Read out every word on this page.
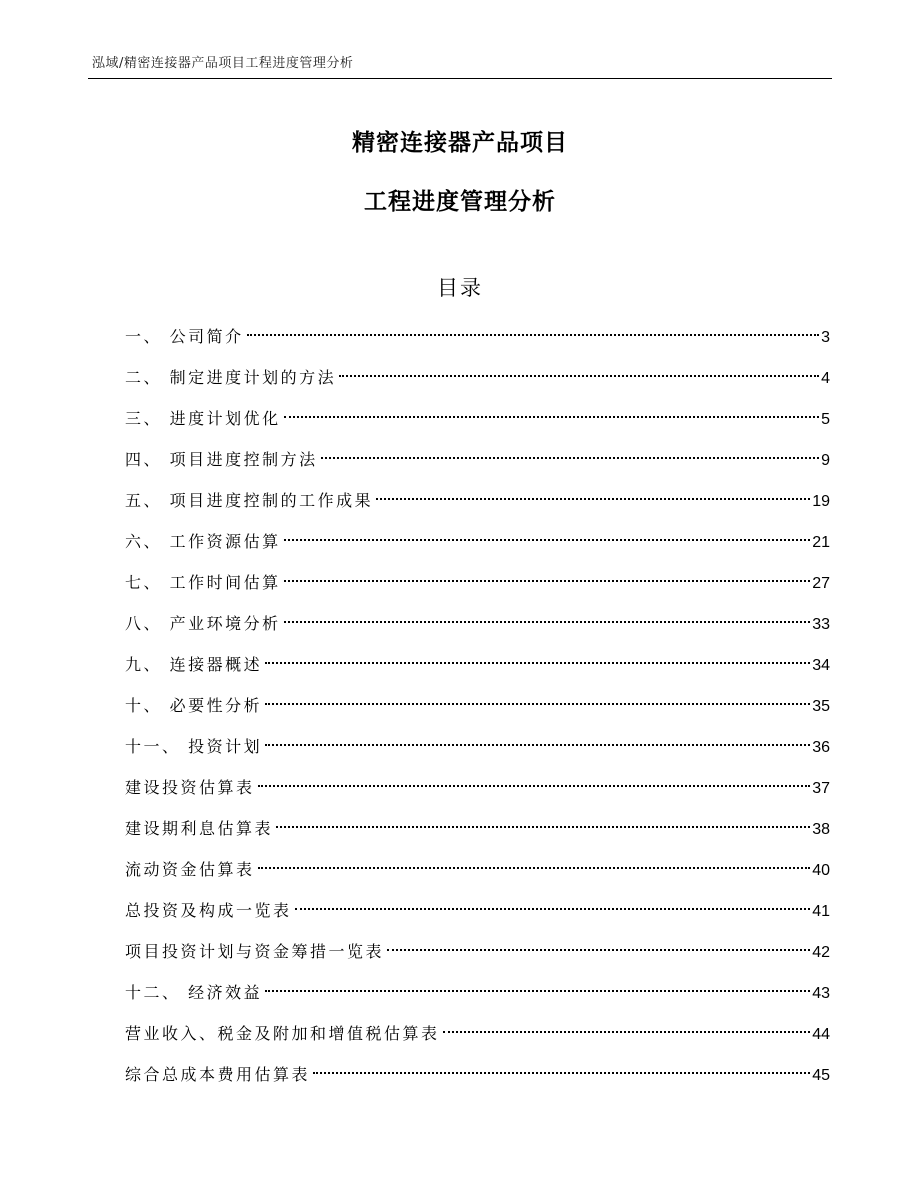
泓域/精密连接器产品项目工程进度管理分析
精密连接器产品项目
工程进度管理分析
目录
一、 公司简介	3
二、 制定进度计划的方法	4
三、 进度计划优化	5
四、 项目进度控制方法	9
五、 项目进度控制的工作成果	19
六、 工作资源估算	21
七、 工作时间估算	27
八、 产业环境分析	33
九、 连接器概述	34
十、 必要性分析	35
十一、 投资计划	36
建设投资估算表	37
建设期利息估算表	38
流动资金估算表	40
总投资及构成一览表	41
项目投资计划与资金筹措一览表	42
十二、 经济效益	43
营业收入、税金及附加和增值税估算表	44
综合总成本费用估算表	45
